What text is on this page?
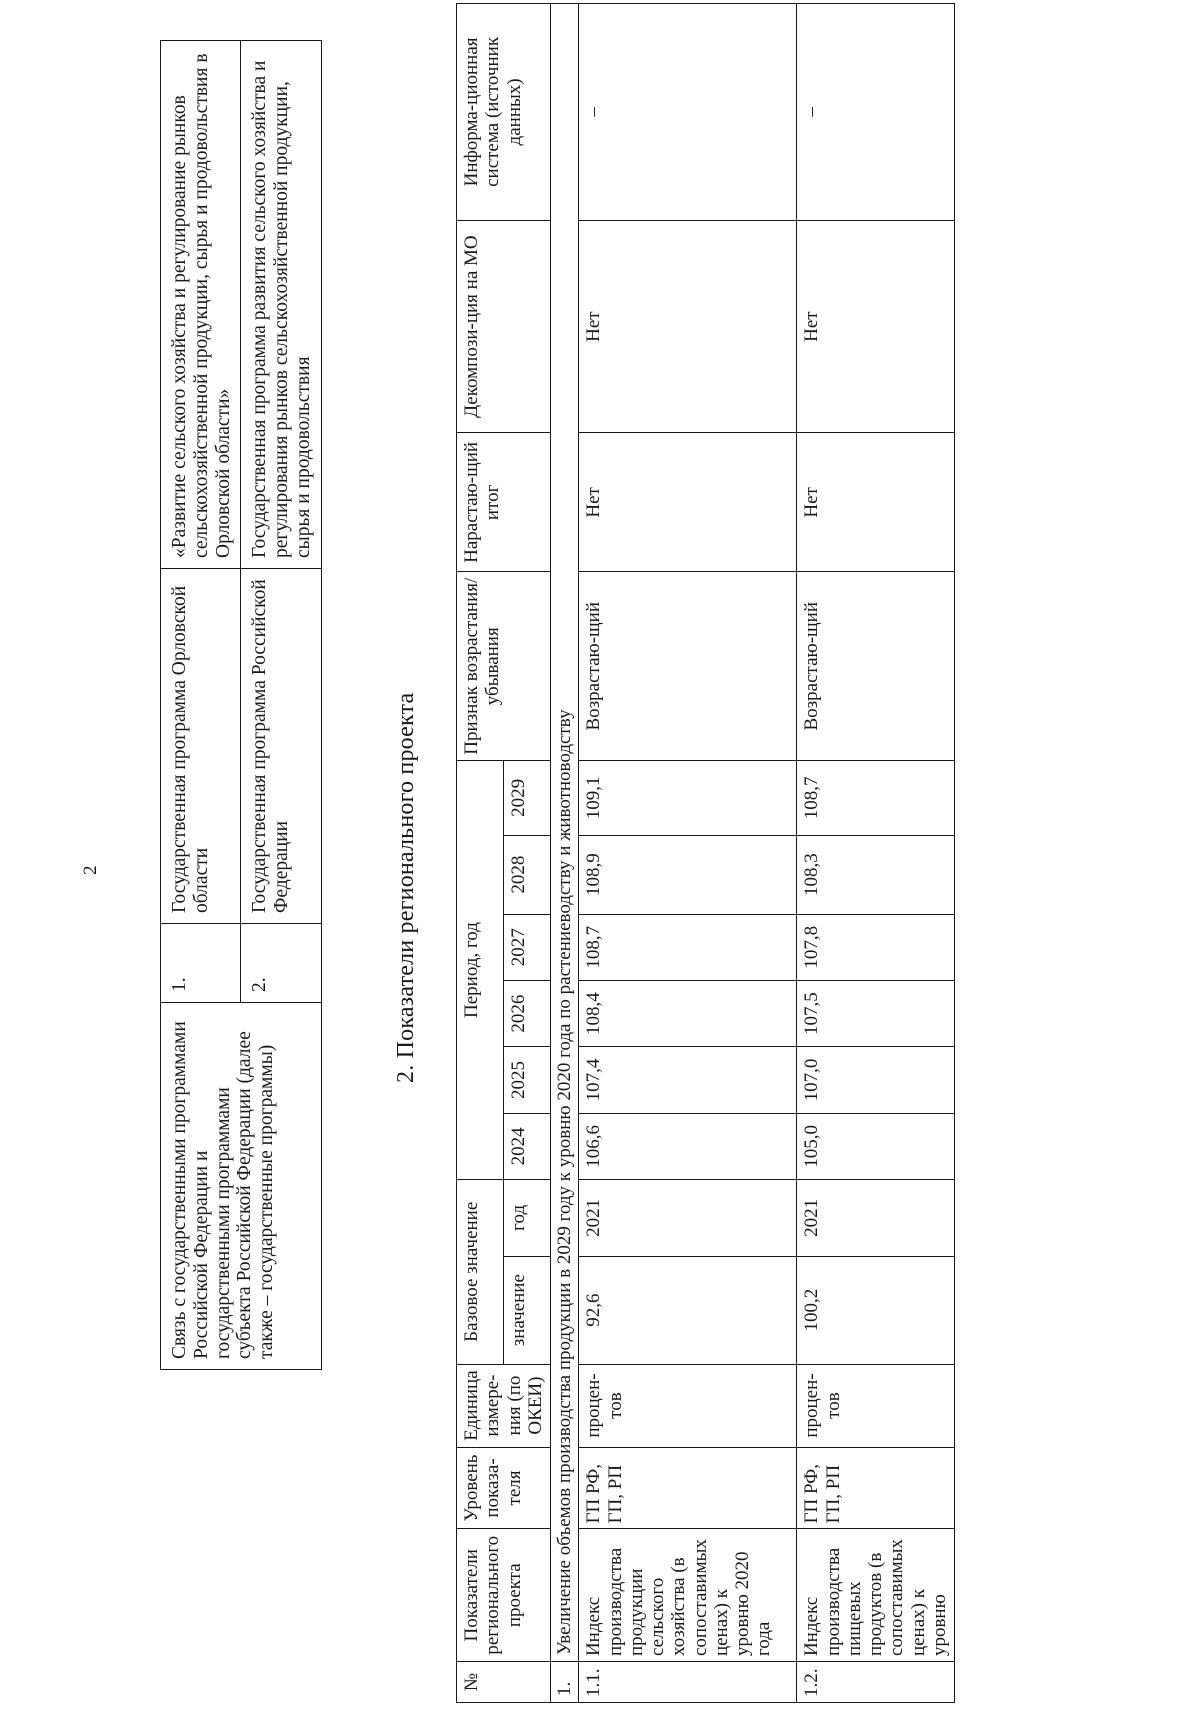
2
Связь с государственными программами Российской Федерации и государственными программами субъекта Российской Федерации (далее также – государственные программы)	1.	Государственная программа Орловской области	«Развитие сельского хозяйства и регулирование рынков сельскохозяйственной продукции, сырья и продовольствия в Орловской области»
	2.	Государственная программа Российской Федерации	Государственная программа развития сельского хозяйства и регулирования рынков сельскохозяйственной продукции, сырья и продовольствия
2. Показатели регионального проекта
№	Показатели регионального проекта	Уровень показа-теля	Единица измере-ния (по ОКЕИ)	Базовое значение		Период, год						Признак возрастания/ убывания	Нарастаю-щий итог	Декомпози-ция на МО	Информа-ционная система (источник данных)
				значение	год	2024	2025	2026	2027	2028	2029				
1.	Увеличение объемов производства продукции в 2029 году к уровню 2020 года по растениеводству и животноводству														
1.1.	Индекс производства продукции сельского хозяйства (в сопоставимых ценах) к уровню 2020 года	ГП РФ, ГП, РП	процен-тов	92,6	2021	106,6	107,4	108,4	108,7	108,9	109,1	Возрастаю-щий	Нет	Нет	–
1.2.	Индекс производства пищевых продуктов (в сопоставимых ценах) к уровню	ГП РФ, ГП, РП	процен-тов	100,2	2021	105,0	107,0	107,5	107,8	108,3	108,7	Возрастаю-щий	Нет	Нет	–
